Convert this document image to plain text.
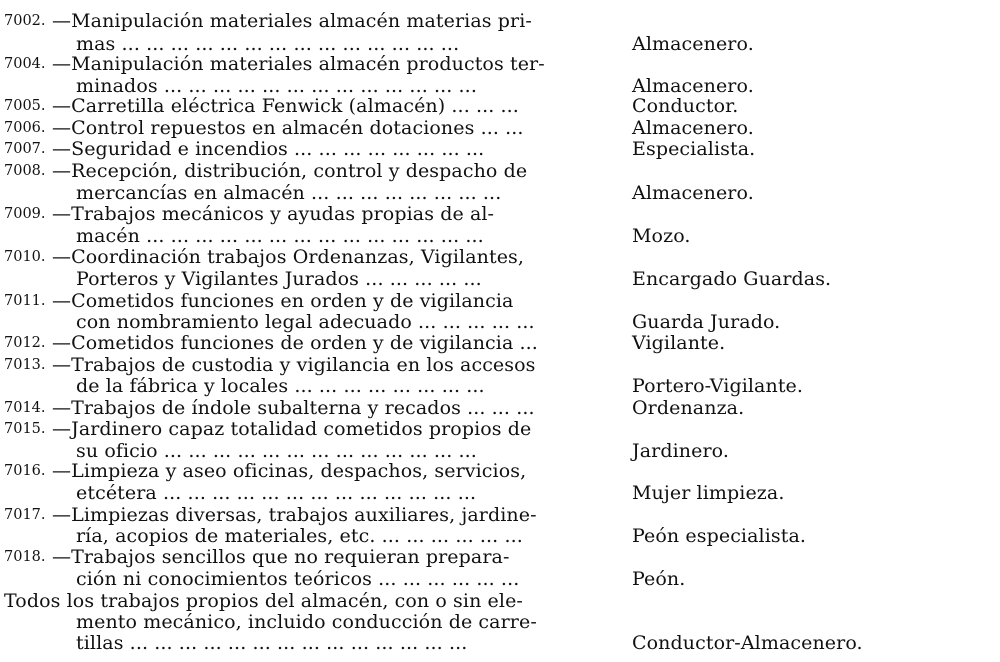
7002. —Manipulación materiales almacén materias pri-
mas ... ... ... ... ... ... ... ... ... ... ... ... ... ...	Almacenero.
7004. —Manipulación materiales almacén productos ter-
minados ... ... ... ... ... ... ... ... ... ... ... ... ...	Almacenero.
7005. —Carretilla eléctrica Fenwick (almacén) ... ... ...	Conductor.
7006. —Control repuestos en almacén dotaciones ... ...	Almacenero.
7007. —Seguridad e incendios ... ... ... ... ... ... ... ...	Especialista.
7008. —Recepción, distribución, control y despacho de
mercancías en almacén ... ... ... ... ... ... ... ...	Almacenero.
7009. —Trabajos mecánicos y ayudas propias de al-
macén ... ... ... ... ... ... ... ... ... ... ... ... ... ...	Mozo.
7010. —Coordinación trabajos Ordenanzas, Vigilantes,
Porteros y Vigilantes Jurados ... ... ... ... ...	Encargado Guardas.
7011. —Cometidos funciones en orden y de vigilancia
con nombramiento legal adecuado ... ... ... ... ...	Guarda Jurado.
7012. —Cometidos funciones de orden y de vigilancia ...	Vigilante.
7013. —Trabajos de custodia y vigilancia en los accesos
de la fábrica y locales ... ... ... ... ... ... ... ...	Portero-Vigilante.
7014. —Trabajos de índole subalterna y recados ... ... ...	Ordenanza.
7015. —Jardinero capaz totalidad cometidos propios de
su oficio ... ... ... ... ... ... ... ... ... ... ... ... ...	Jardinero.
7016. —Limpieza y aseo oficinas, despachos, servicios,
etcétera ... ... ... ... ... ... ... ... ... ... ... ... ...	Mujer limpieza.
7017. —Limpiezas diversas, trabajos auxiliares, jardine-
ría, acopios de materiales, etc. ... ... ... ... ... ...	Peón especialista.
7018. —Trabajos sencillos que no requieran prepara-
ción ni conocimientos teóricos ... ... ... ... ... ...	Peón.
Todos los trabajos propios del almacén, con o sin ele-
mento mecánico, incluido conducción de carre-
tillas ... ... ... ... ... ... ... ... ... ... ... ... ... ...	Conductor-Almacenero.
